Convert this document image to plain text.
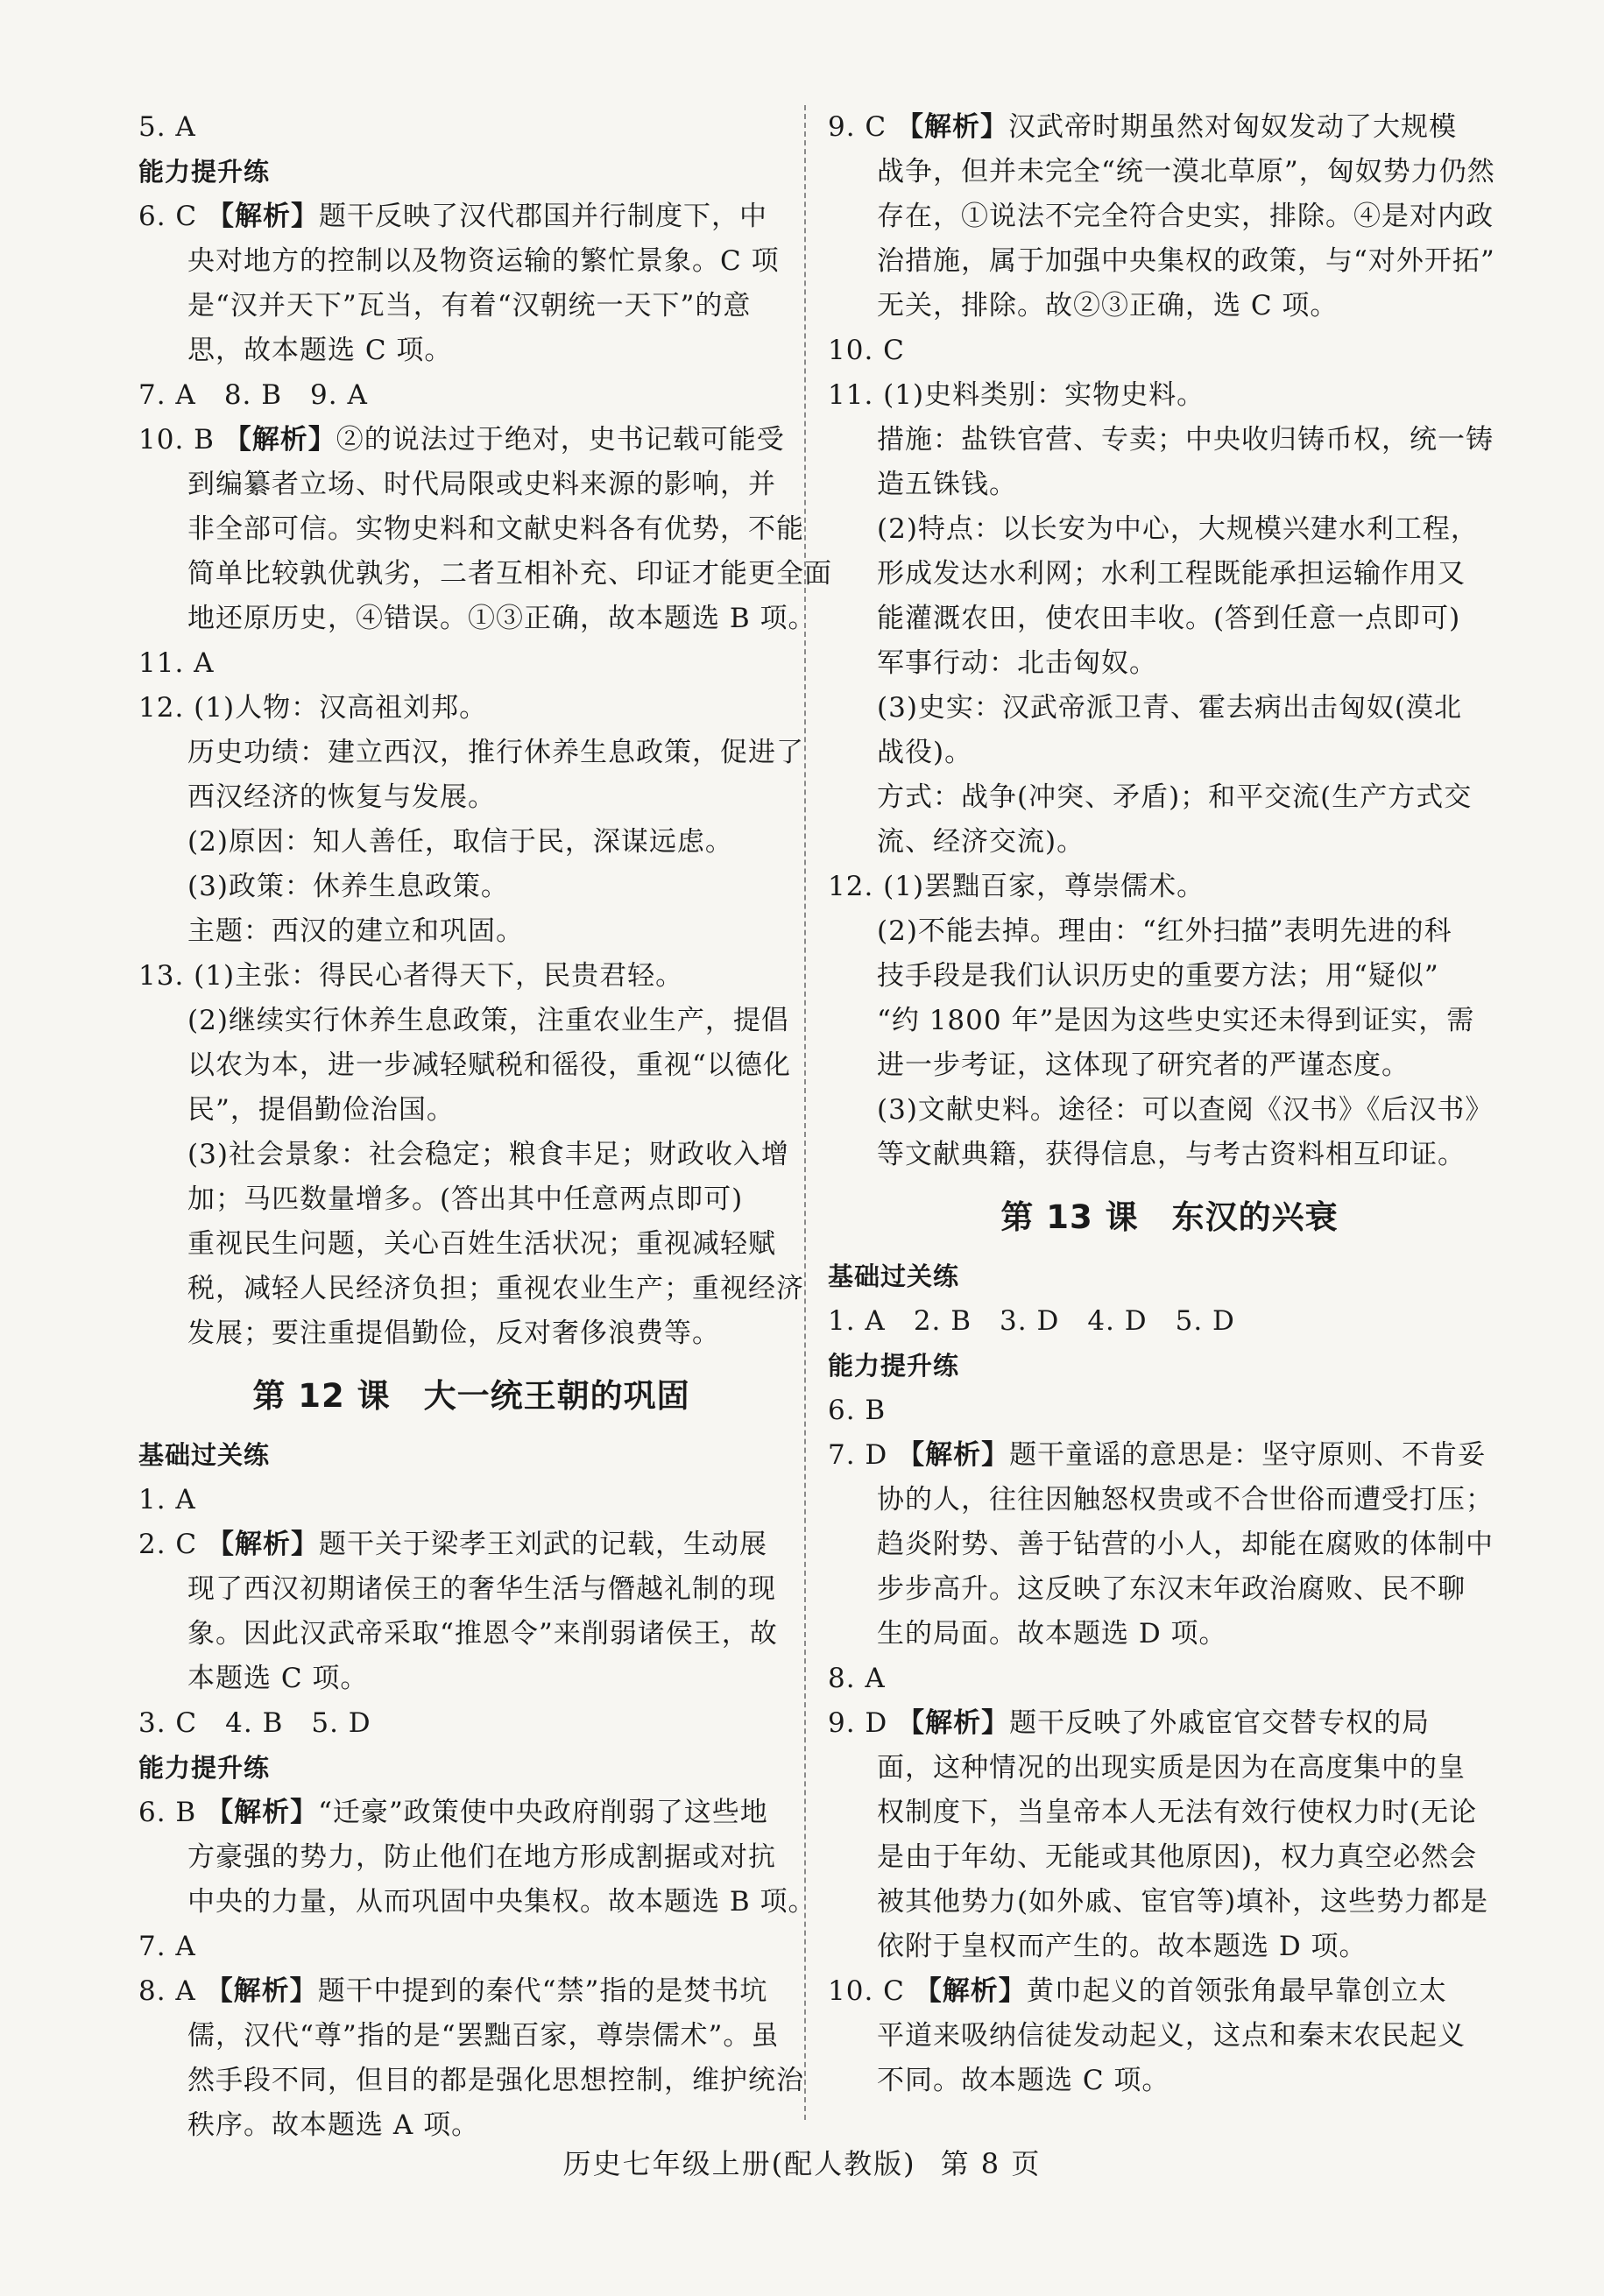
5. A
能力提升练
6. C 【解析】题干反映了汉代郡国并行制度下，中
央对地方的控制以及物资运输的繁忙景象。C 项
是“汉并天下”瓦当，有着“汉朝统一天下”的意
思，故本题选 C 项。
7. A　8. B　9. A
10. B 【解析】②的说法过于绝对，史书记载可能受
到编纂者立场、时代局限或史料来源的影响，并
非全部可信。实物史料和文献史料各有优势，不能
简单比较孰优孰劣，二者互相补充、印证才能更全面
地还原历史，④错误。①③正确，故本题选 B 项。
11. A
12. (1)人物：汉高祖刘邦。
历史功绩：建立西汉，推行休养生息政策，促进了
西汉经济的恢复与发展。
(2)原因：知人善任，取信于民，深谋远虑。
(3)政策：休养生息政策。
主题：西汉的建立和巩固。
13. (1)主张：得民心者得天下，民贵君轻。
(2)继续实行休养生息政策，注重农业生产，提倡
以农为本，进一步减轻赋税和徭役，重视“以德化
民”，提倡勤俭治国。
(3)社会景象：社会稳定；粮食丰足；财政收入增
加；马匹数量增多。(答出其中任意两点即可)
重视民生问题，关心百姓生活状况；重视减轻赋
税，减轻人民经济负担；重视农业生产；重视经济
发展；要注重提倡勤俭，反对奢侈浪费等。
第 12 课 大一统王朝的巩固
基础过关练
1. A
2. C 【解析】题干关于梁孝王刘武的记载，生动展
现了西汉初期诸侯王的奢华生活与僭越礼制的现
象。因此汉武帝采取“推恩令”来削弱诸侯王，故
本题选 C 项。
3. C　4. B　5. D
能力提升练
6. B 【解析】“迁豪”政策使中央政府削弱了这些地
方豪强的势力，防止他们在地方形成割据或对抗
中央的力量，从而巩固中央集权。故本题选 B 项。
7. A
8. A 【解析】题干中提到的秦代“禁”指的是焚书坑
儒，汉代“尊”指的是“罢黜百家，尊崇儒术”。虽
然手段不同，但目的都是强化思想控制，维护统治
秩序。故本题选 A 项。
9. C 【解析】汉武帝时期虽然对匈奴发动了大规模
战争，但并未完全“统一漠北草原”，匈奴势力仍然
存在，①说法不完全符合史实，排除。④是对内政
治措施，属于加强中央集权的政策，与“对外开拓”
无关，排除。故②③正确，选 C 项。
10. C
11. (1)史料类别：实物史料。
措施：盐铁官营、专卖；中央收归铸币权，统一铸
造五铢钱。
(2)特点：以长安为中心，大规模兴建水利工程，
形成发达水利网；水利工程既能承担运输作用又
能灌溉农田，使农田丰收。(答到任意一点即可)
军事行动：北击匈奴。
(3)史实：汉武帝派卫青、霍去病出击匈奴(漠北
战役)。
方式：战争(冲突、矛盾)；和平交流(生产方式交
流、经济交流)。
12. (1)罢黜百家，尊崇儒术。
(2)不能去掉。理由：“红外扫描”表明先进的科
技手段是我们认识历史的重要方法；用“疑似”
“约 1800 年”是因为这些史实还未得到证实，需
进一步考证，这体现了研究者的严谨态度。
(3)文献史料。途径：可以查阅《汉书》《后汉书》
等文献典籍，获得信息，与考古资料相互印证。
第 13 课 东汉的兴衰
基础过关练
1. A　2. B　3. D　4. D　5. D
能力提升练
6. B
7. D 【解析】题干童谣的意思是：坚守原则、不肯妥
协的人，往往因触怒权贵或不合世俗而遭受打压；
趋炎附势、善于钻营的小人，却能在腐败的体制中
步步高升。这反映了东汉末年政治腐败、民不聊
生的局面。故本题选 D 项。
8. A
9. D 【解析】题干反映了外戚宦官交替专权的局
面，这种情况的出现实质是因为在高度集中的皇
权制度下，当皇帝本人无法有效行使权力时(无论
是由于年幼、无能或其他原因)，权力真空必然会
被其他势力(如外戚、宦官等)填补，这些势力都是
依附于皇权而产生的。故本题选 D 项。
10. C 【解析】黄巾起义的首领张角最早靠创立太
平道来吸纳信徒发动起义，这点和秦末农民起义
不同。故本题选 C 项。
历史七年级上册(配人教版) 第 8 页
